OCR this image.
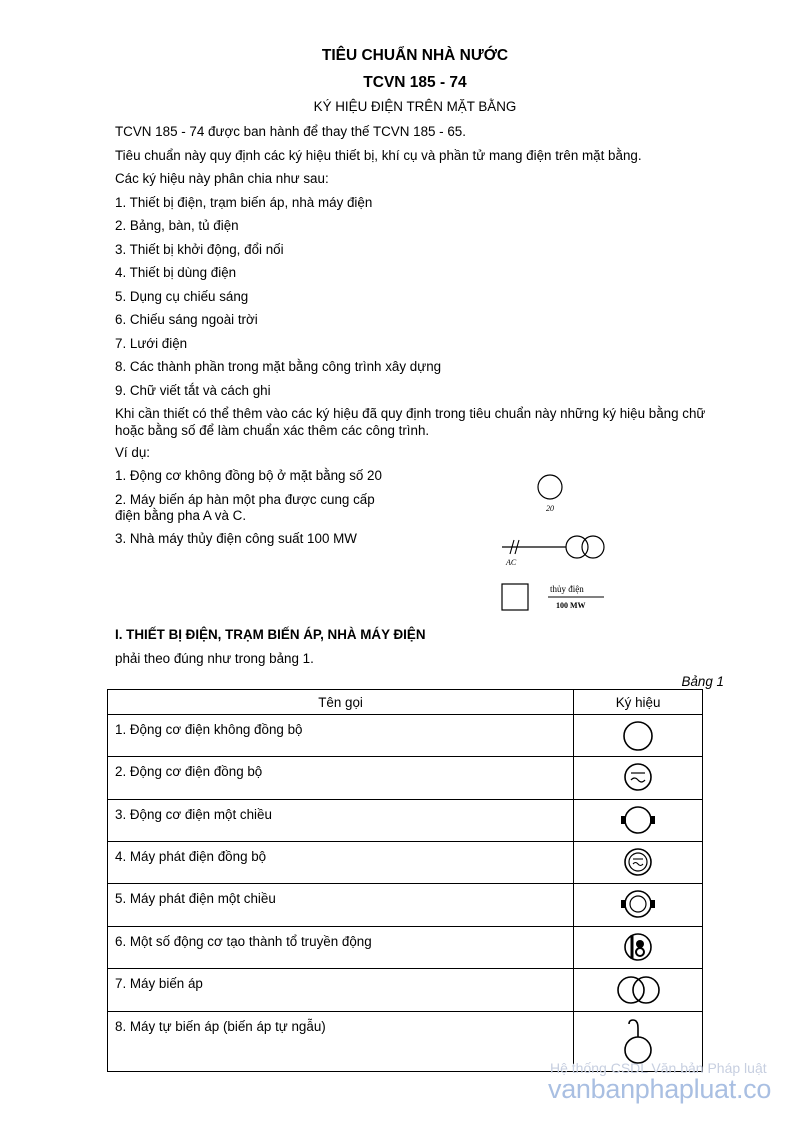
TIÊU CHUẨN NHÀ NƯỚC
TCVN 185 - 74
KÝ HIỆU ĐIỆN TRÊN MẶT BẰNG
TCVN 185 - 74 được ban hành để thay thế TCVN 185 - 65.
Tiêu chuẩn này quy định các ký hiệu thiết bị, khí cụ và phần tử mang điện trên mặt bằng.
Các ký hiệu này phân chia như sau:
1. Thiết bị điện, trạm biến áp, nhà máy điện
2. Bảng, bàn, tủ điện
3. Thiết bị khởi động, đổi nối
4. Thiết bị dùng điện
5. Dụng cụ chiếu sáng
6. Chiếu sáng ngoài trời
7. Lưới điện
8. Các thành phần trong mặt bằng công trình xây dựng
9. Chữ viết tắt và cách ghi
Khi cần thiết có thể thêm vào các ký hiệu đã quy định trong tiêu chuẩn này những ký hiệu bằng chữ
hoặc bằng số để làm chuẩn xác thêm các công trình.
Ví dụ:
1. Động cơ không đồng bộ ở mặt bằng số 20
2. Máy biến áp hàn một pha được cung cấp
điện bằng pha A và C.
3. Nhà máy thủy điện công suất 100 MW
20
AC
thủy điện
100 MW
I. THIẾT BỊ ĐIỆN, TRẠM BIẾN ÁP, NHÀ MÁY ĐIỆN
phải theo đúng như trong bảng 1.
Bảng 1
Tên gọi	Ký hiệu

1. Động cơ điện không đồng bộ

2. Động cơ điện đồng bộ

3. Động cơ điện một chiều

4. Máy phát điện đồng bộ

5. Máy phát điện một chiều

6. Một số động cơ tạo thành tổ truyền động

7. Máy biến áp

8. Máy tự biến áp (biến áp tự ngẫu)

Hệ thống CSDL Văn bản Pháp luật
vanbanphapluat.co
